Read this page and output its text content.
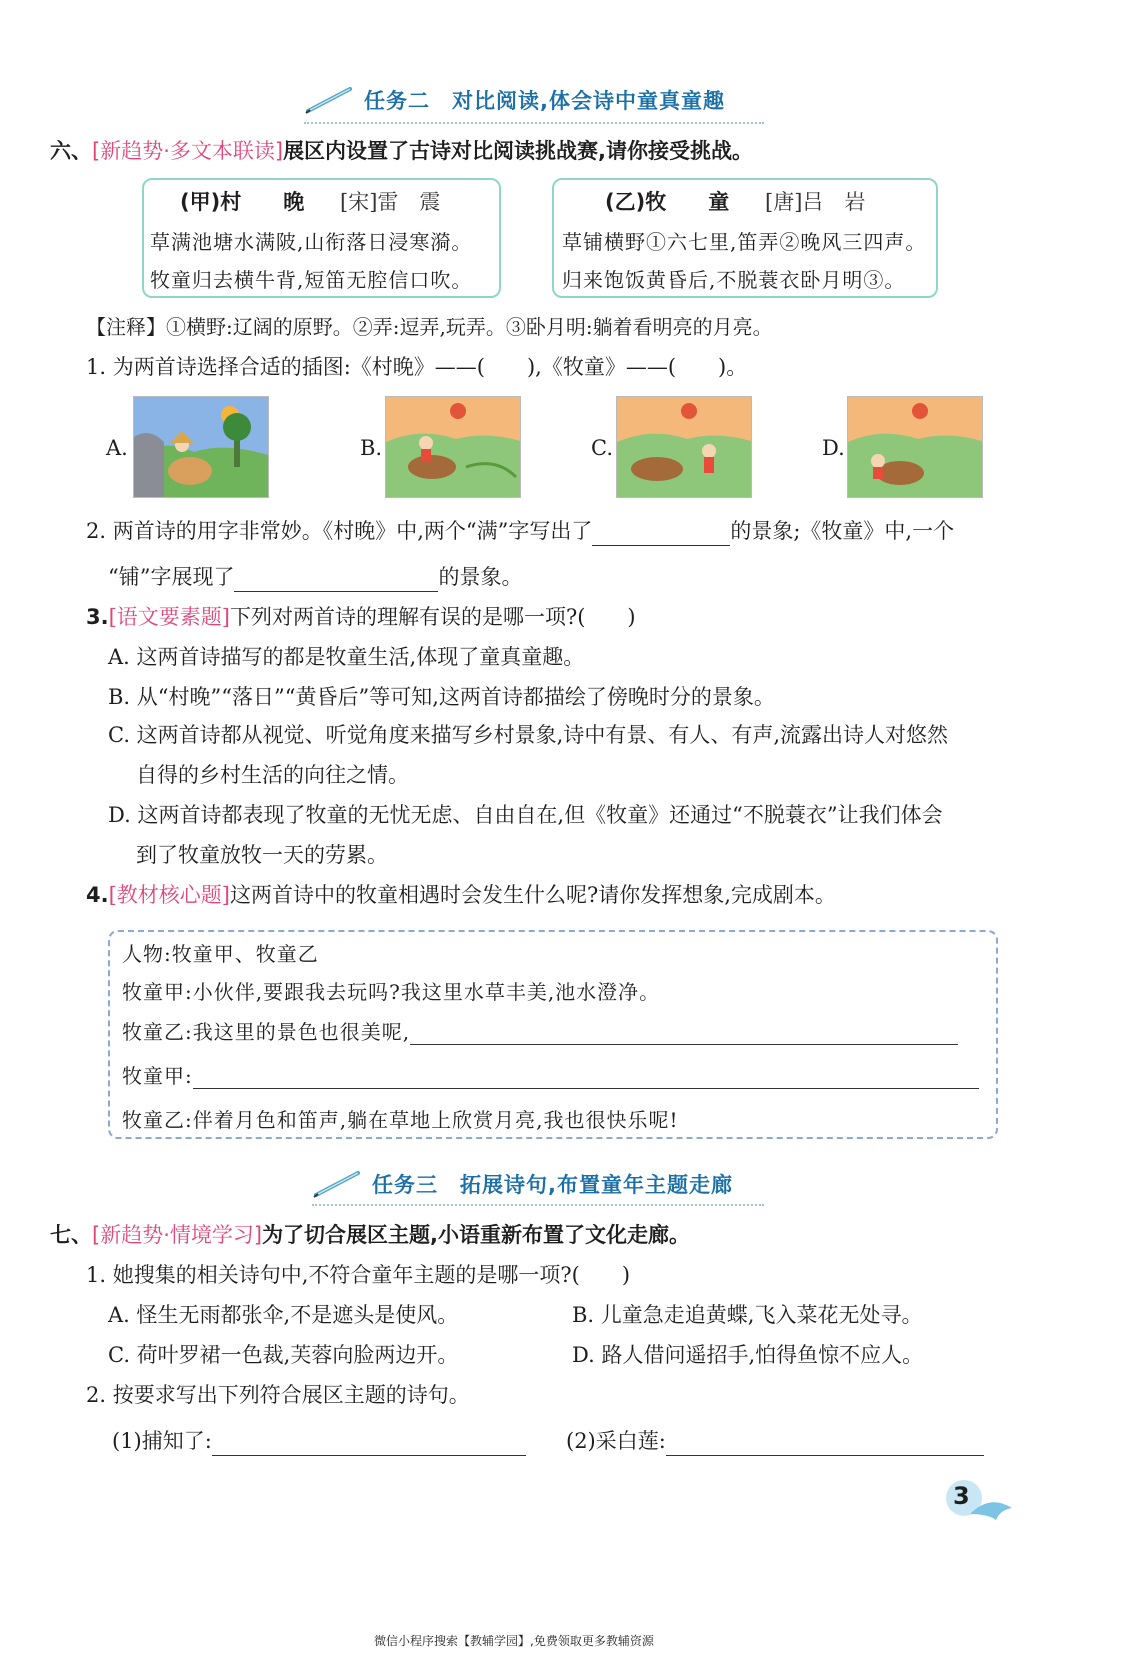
任务二 对比阅读,体会诗中童真童趣
六、[新趋势·多文本联读]展区内设置了古诗对比阅读挑战赛,请你接受挑战。
(甲)村　　晚 [宋]雷　震
草满池塘水满陂,山衔落日浸寒漪。
牧童归去横牛背,短笛无腔信口吹。
(乙)牧　　童 [唐]吕　岩
草铺横野①六七里,笛弄②晚风三四声。
归来饱饭黄昏后,不脱蓑衣卧月明③。
【注释】①横野:辽阔的原野。②弄:逗弄,玩弄。③卧月明:躺着看明亮的月亮。
1. 为两首诗选择合适的插图:《村晚》——(　　),《牧童》——(　　)。
A.	B.	C.	D.
2. 两首诗的用字非常妙。《村晚》中,两个“满”字写出了	的景象;《牧童》中,一个
“铺”字展现了	的景象。
3.[语文要素题]下列对两首诗的理解有误的是哪一项?(　　)
A. 这两首诗描写的都是牧童生活,体现了童真童趣。
B. 从“村晚”“落日”“黄昏后”等可知,这两首诗都描绘了傍晚时分的景象。
C. 这两首诗都从视觉、听觉角度来描写乡村景象,诗中有景、有人、有声,流露出诗人对悠然
自得的乡村生活的向往之情。
D. 这两首诗都表现了牧童的无忧无虑、自由自在,但《牧童》还通过“不脱蓑衣”让我们体会
到了牧童放牧一天的劳累。
4.[教材核心题]这两首诗中的牧童相遇时会发生什么呢?请你发挥想象,完成剧本。
人物:牧童甲、牧童乙
牧童甲:小伙伴,要跟我去玩吗?我这里水草丰美,池水澄净。
牧童乙:我这里的景色也很美呢,
牧童甲:
牧童乙:伴着月色和笛声,躺在草地上欣赏月亮,我也很快乐呢!
任务三 拓展诗句,布置童年主题走廊
七、[新趋势·情境学习]为了切合展区主题,小语重新布置了文化走廊。
1. 她搜集的相关诗句中,不符合童年主题的是哪一项?(　　)
A. 怪生无雨都张伞,不是遮头是使风。	B. 儿童急走追黄蝶,飞入菜花无处寻。
C. 荷叶罗裙一色裁,芙蓉向脸两边开。	D. 路人借问遥招手,怕得鱼惊不应人。
2. 按要求写出下列符合展区主题的诗句。
(1)捕知了:	(2)采白莲:
3
微信小程序搜索【教辅学园】,免费领取更多教辅资源
